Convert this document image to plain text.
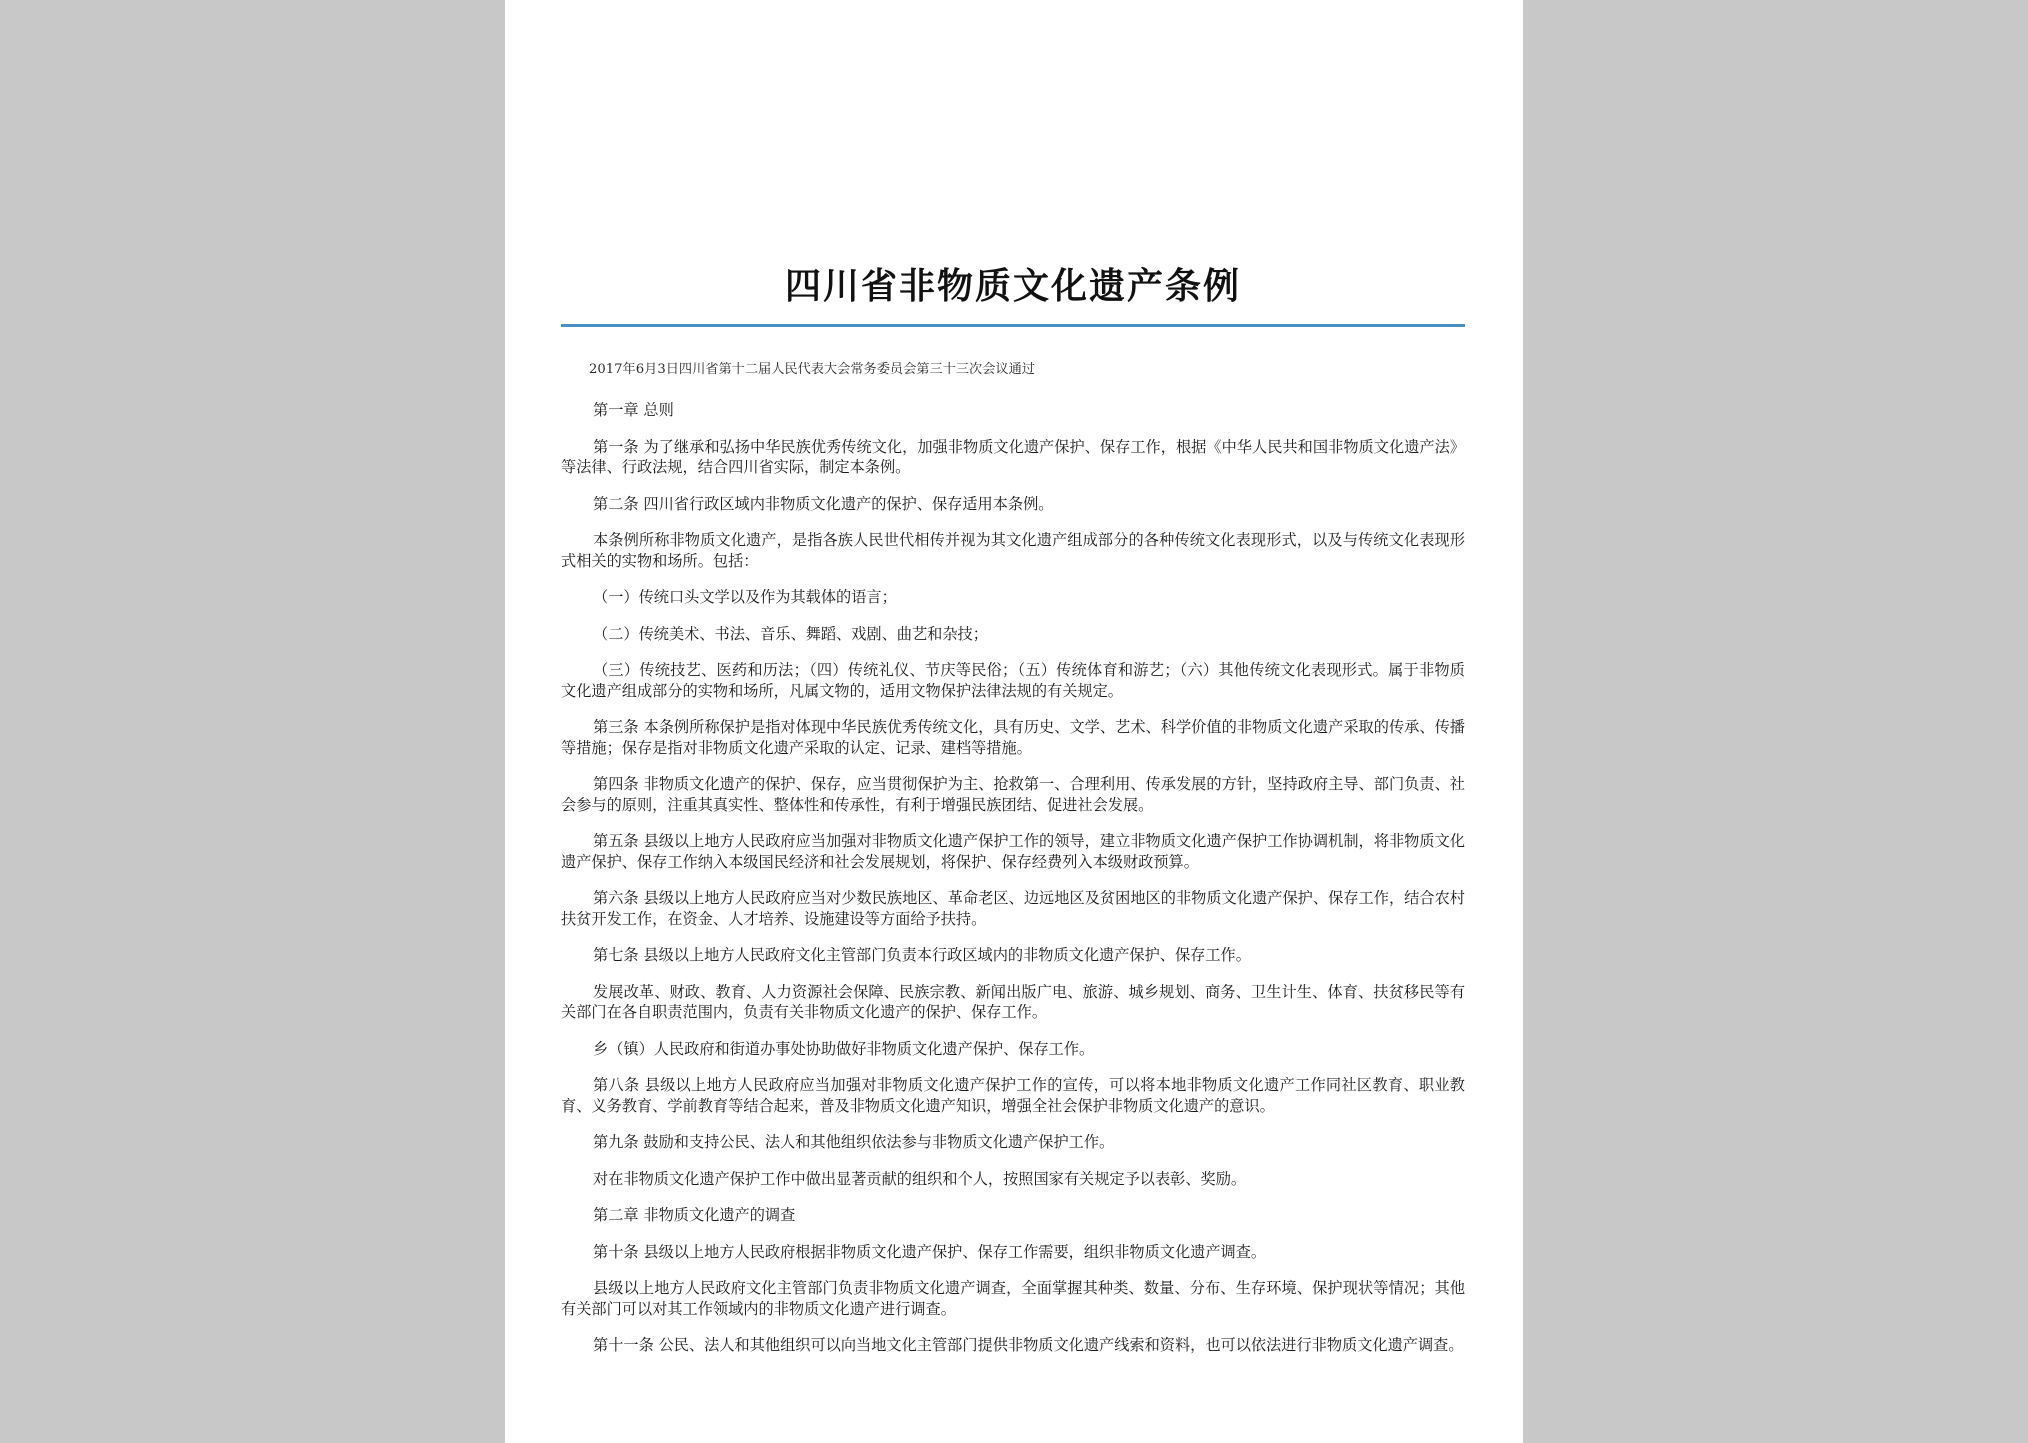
四川省非物质文化遗产条例

2017年6月3日四川省第十二届人民代表大会常务委员会第三十三次会议通过

第一章 总则

第一条 为了继承和弘扬中华民族优秀传统文化，加强非物质文化遗产保护、保存工作，根据《中华人民共和国非物质文化遗产法》等法律、行政法规，结合四川省实际，制定本条例。

第二条 四川省行政区域内非物质文化遗产的保护、保存适用本条例。

本条例所称非物质文化遗产，是指各族人民世代相传并视为其文化遗产组成部分的各种传统文化表现形式，以及与传统文化表现形式相关的实物和场所。包括：

（一）传统口头文学以及作为其载体的语言；

（二）传统美术、书法、音乐、舞蹈、戏剧、曲艺和杂技；

（三）传统技艺、医药和历法；（四）传统礼仪、节庆等民俗；（五）传统体育和游艺；（六）其他传统文化表现形式。属于非物质文化遗产组成部分的实物和场所，凡属文物的，适用文物保护法律法规的有关规定。

第三条 本条例所称保护是指对体现中华民族优秀传统文化，具有历史、文学、艺术、科学价值的非物质文化遗产采取的传承、传播等措施；保存是指对非物质文化遗产采取的认定、记录、建档等措施。

第四条 非物质文化遗产的保护、保存，应当贯彻保护为主、抢救第一、合理利用、传承发展的方针，坚持政府主导、部门负责、社会参与的原则，注重其真实性、整体性和传承性，有利于增强民族团结、促进社会发展。

第五条 县级以上地方人民政府应当加强对非物质文化遗产保护工作的领导，建立非物质文化遗产保护工作协调机制，将非物质文化遗产保护、保存工作纳入本级国民经济和社会发展规划，将保护、保存经费列入本级财政预算。

第六条 县级以上地方人民政府应当对少数民族地区、革命老区、边远地区及贫困地区的非物质文化遗产保护、保存工作，结合农村扶贫开发工作，在资金、人才培养、设施建设等方面给予扶持。

第七条 县级以上地方人民政府文化主管部门负责本行政区域内的非物质文化遗产保护、保存工作。

发展改革、财政、教育、人力资源社会保障、民族宗教、新闻出版广电、旅游、城乡规划、商务、卫生计生、体育、扶贫移民等有关部门在各自职责范围内，负责有关非物质文化遗产的保护、保存工作。

乡（镇）人民政府和街道办事处协助做好非物质文化遗产保护、保存工作。

第八条 县级以上地方人民政府应当加强对非物质文化遗产保护工作的宣传，可以将本地非物质文化遗产工作同社区教育、职业教育、义务教育、学前教育等结合起来，普及非物质文化遗产知识，增强全社会保护非物质文化遗产的意识。

第九条 鼓励和支持公民、法人和其他组织依法参与非物质文化遗产保护工作。

对在非物质文化遗产保护工作中做出显著贡献的组织和个人，按照国家有关规定予以表彰、奖励。

第二章 非物质文化遗产的调查

第十条 县级以上地方人民政府根据非物质文化遗产保护、保存工作需要，组织非物质文化遗产调查。

县级以上地方人民政府文化主管部门负责非物质文化遗产调查，全面掌握其种类、数量、分布、生存环境、保护现状等情况；其他有关部门可以对其工作领域内的非物质文化遗产进行调查。

第十一条 公民、法人和其他组织可以向当地文化主管部门提供非物质文化遗产线索和资料，也可以依法进行非物质文化遗产调查。
